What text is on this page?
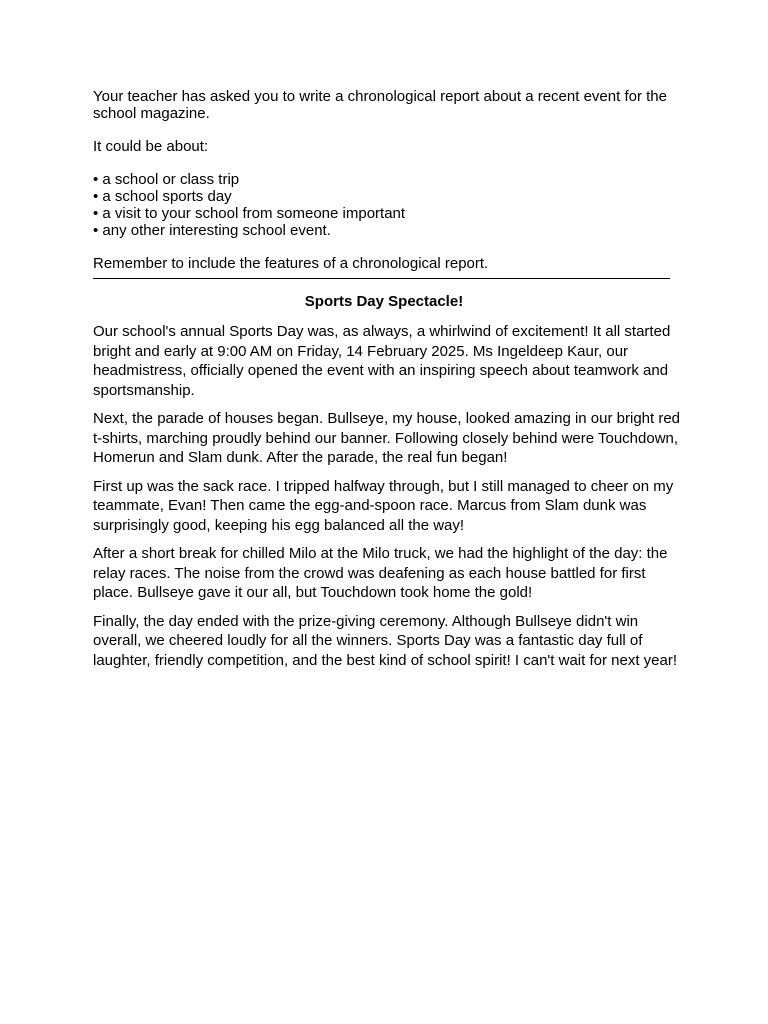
Your teacher has asked you to write a chronological report about a recent event for the school magazine.

It could be about:

• a school or class trip
• a school sports day
• a visit to your school from someone important
• any other interesting school event.

Remember to include the features of a chronological report.

Sports Day Spectacle!

Our school's annual Sports Day was, as always, a whirlwind of excitement! It all started bright and early at 9:00 AM on Friday, 14 February 2025. Ms Ingeldeep Kaur, our headmistress, officially opened the event with an inspiring speech about teamwork and sportsmanship.

Next, the parade of houses began. Bullseye, my house, looked amazing in our bright red t-shirts, marching proudly behind our banner. Following closely behind were Touchdown, Homerun and Slam dunk. After the parade, the real fun began!

First up was the sack race. I tripped halfway through, but I still managed to cheer on my teammate, Evan! Then came the egg-and-spoon race. Marcus from Slam dunk was surprisingly good, keeping his egg balanced all the way!

After a short break for chilled Milo at the Milo truck, we had the highlight of the day: the relay races. The noise from the crowd was deafening as each house battled for first place. Bullseye gave it our all, but Touchdown took home the gold!

Finally, the day ended with the prize-giving ceremony. Although Bullseye didn't win overall, we cheered loudly for all the winners. Sports Day was a fantastic day full of laughter, friendly competition, and the best kind of school spirit! I can't wait for next year!
